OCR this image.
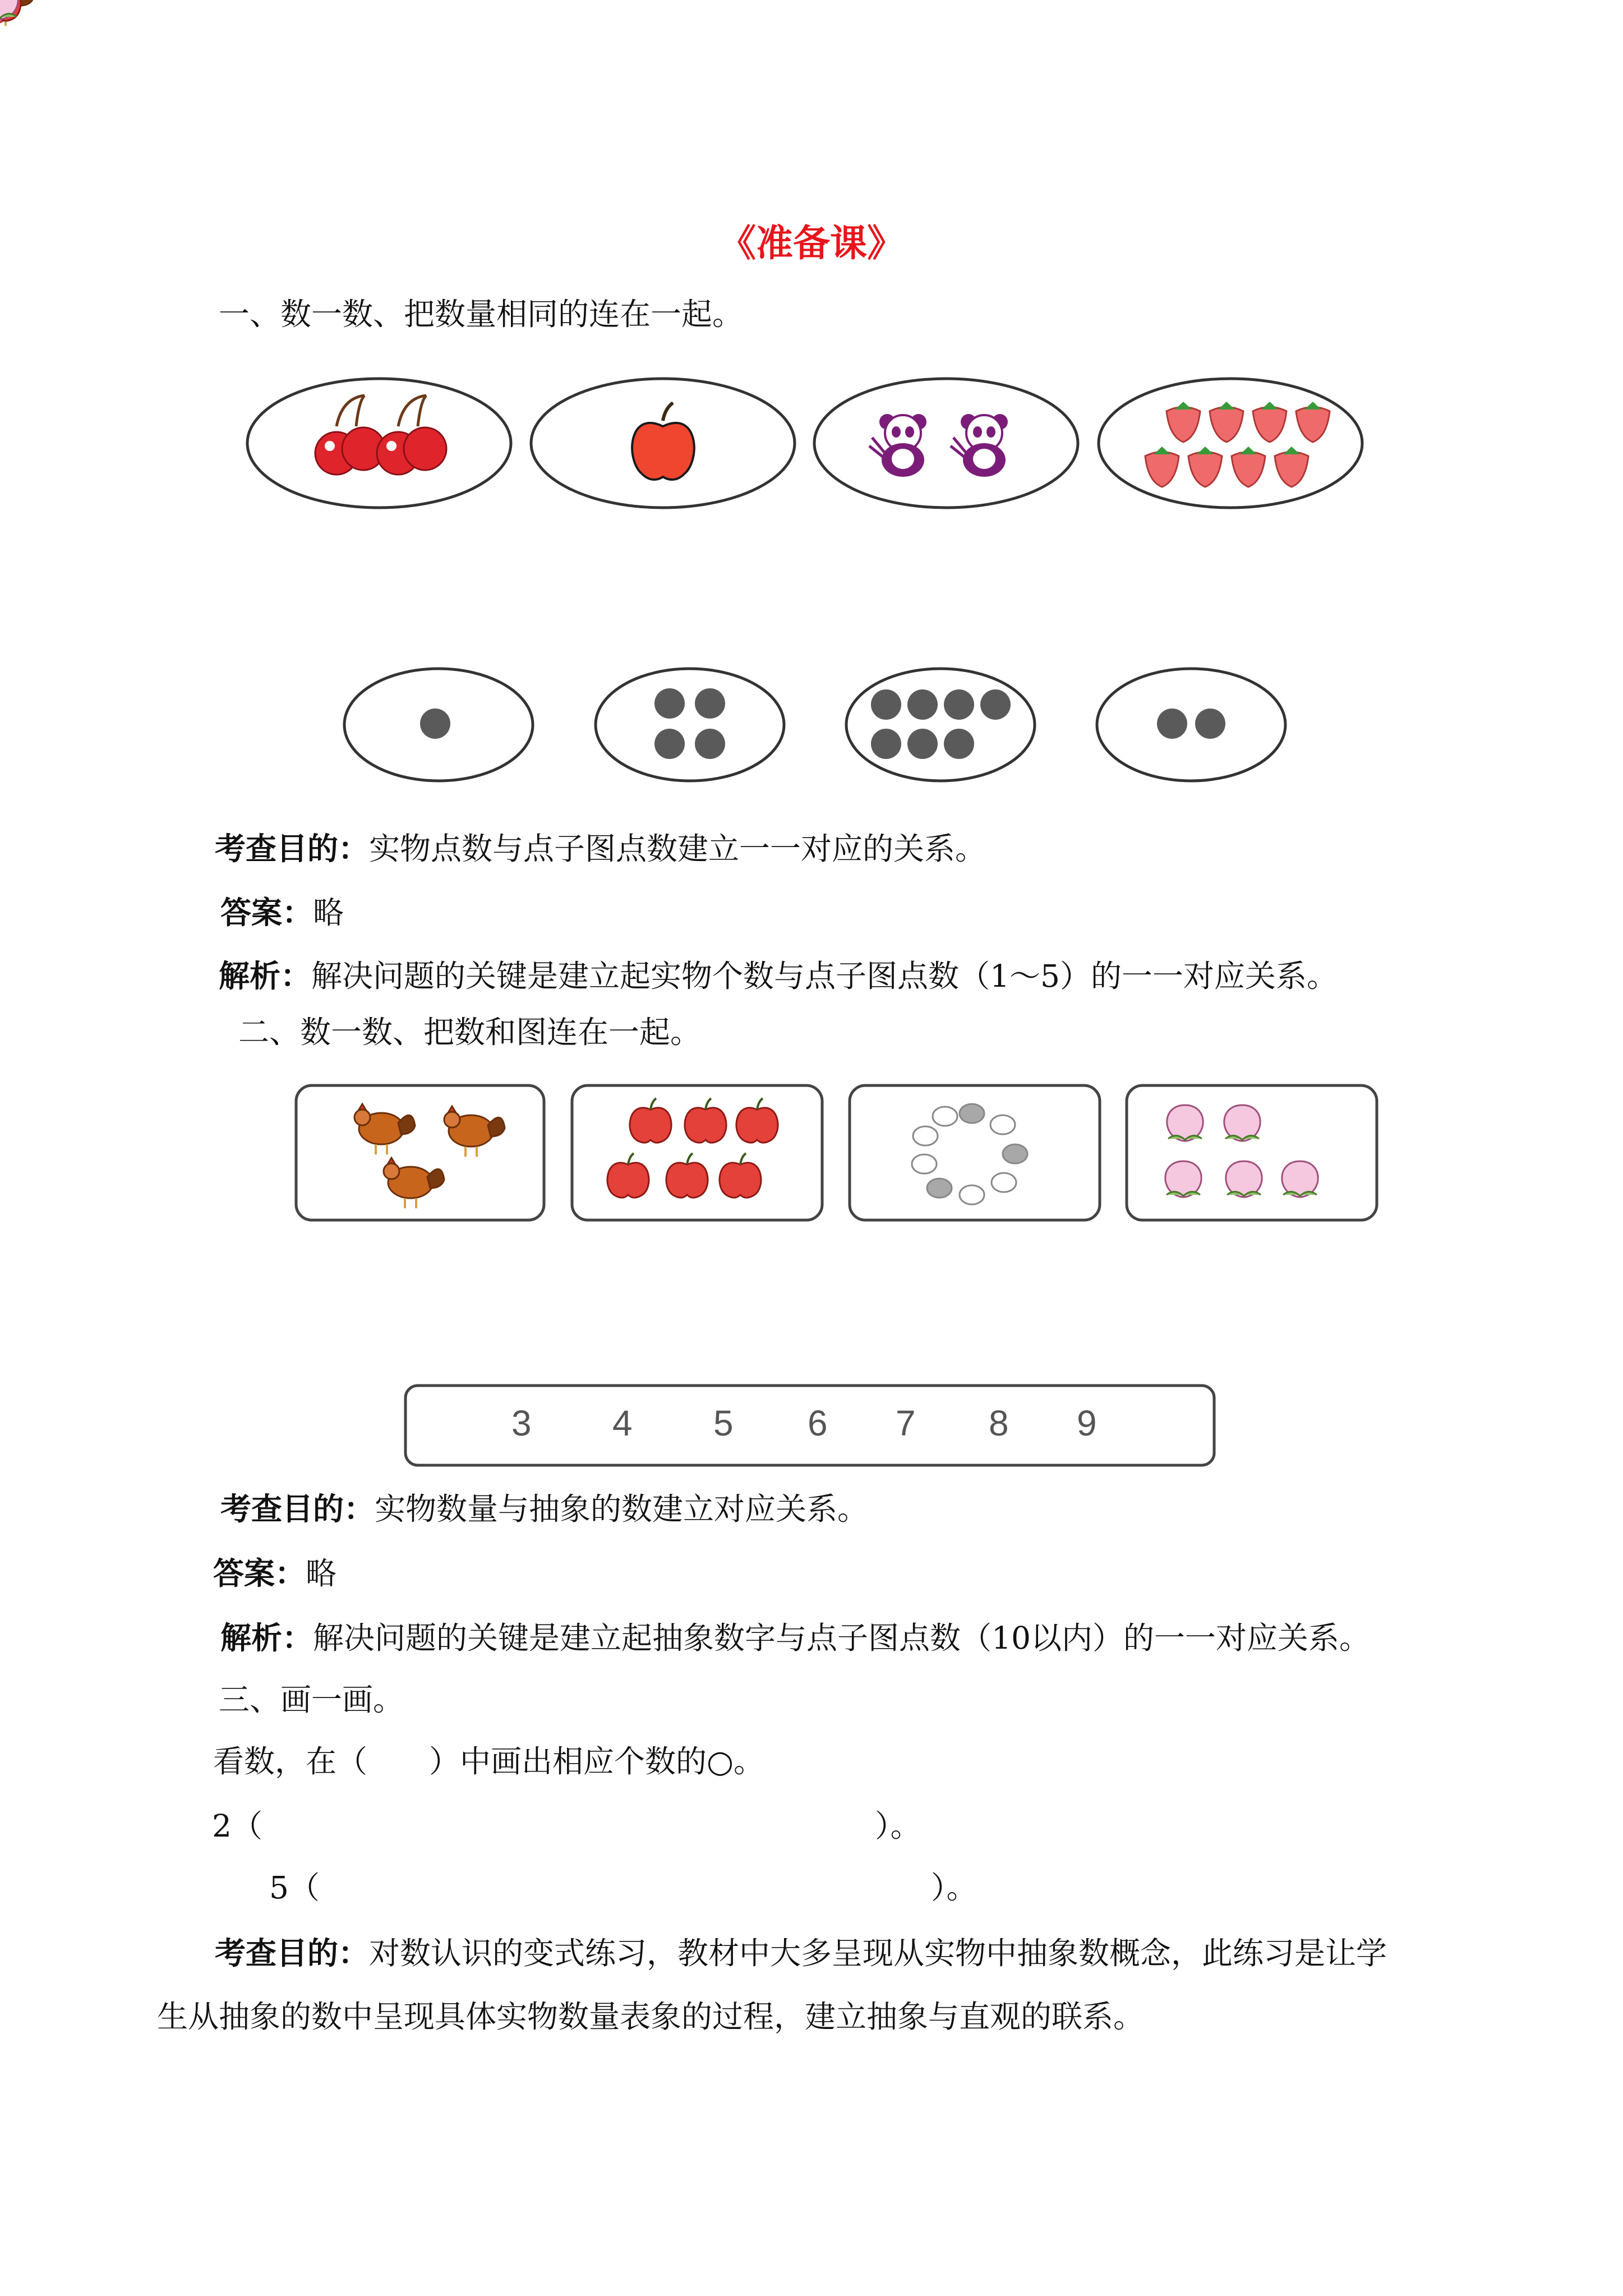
《准备课》
一、数一数、把数量相同的连在一起。
3 4 5 6 7 8 9
考查目的：实物点数与点子图点数建立一一对应的关系。
答案：略
解析：解决问题的关键是建立起实物个数与点子图点数（1～5）的一一对应关系。
二、数一数、把数和图连在一起。
考查目的：实物数量与抽象的数建立对应关系。
答案：略
解析：解决问题的关键是建立起抽象数字与点子图点数（10以内）的一一对应关系。
三、画一画。
看数，在（　　）中画出相应个数的○。
2（	）。
5（	）。
考查目的：对数认识的变式练习，教材中大多呈现从实物中抽象数概念，此练习是让学
生从抽象的数中呈现具体实物数量表象的过程，建立抽象与直观的联系。
